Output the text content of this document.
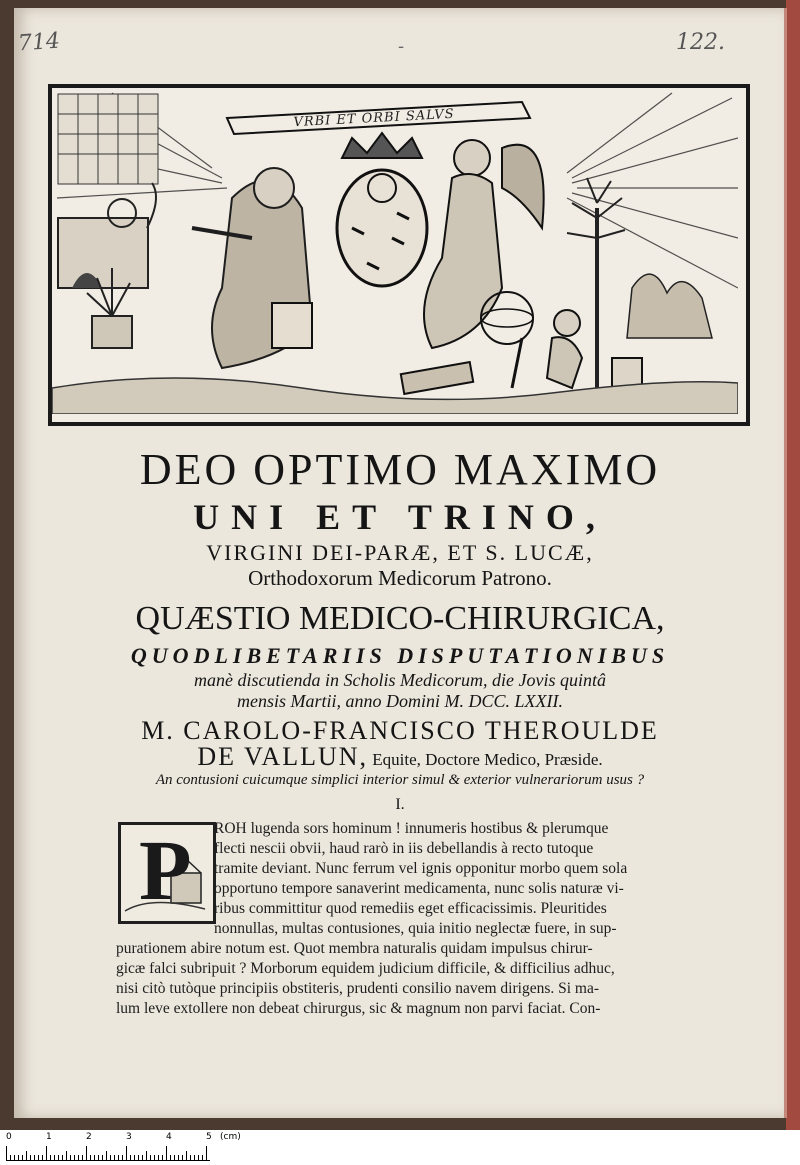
714	122.
-
VRBI ET ORBI SALVS
DEO OPTIMO MAXIMO
UNI ET TRINO,
VIRGINI DEI-PARÆ, ET S. LUCÆ,
Orthodoxorum Medicorum Patrono.
QUÆSTIO MEDICO-CHIRURGICA,
QUODLIBETARIIS DISPUTATIONIBUS
manè discutienda in Scholis Medicorum, die Jovis quintâ
mensis Martii, anno Domini M. DCC. LXXII.
M. CAROLO-FRANCISCO THEROULDE
DE VALLUN, Equite, Doctore Medico, Præside.
An contusioni cuicumque simplici interior simul & exterior vulnerariorum usus ?
I.
P ROH lugenda sors hominum ! innumeris hostibus & plerumque
flecti nescii obvii, haud rarò in iis debellandis à recto tutoque
tramite deviant. Nunc ferrum vel ignis opponitur morbo quem sola
opportuno tempore sanaverint medicamenta, nunc solis naturæ vi-
ribus committitur quod remediis eget efficacissimis. Pleuritides
nonnullas, multas contusiones, quia initio neglectæ fuere, in sup-
purationem abire notum est. Quot membra naturalis quidam impulsus chirur-
gicæ falci subripuit ? Morborum equidem judicium difficile, & difficilius adhuc,
nisi citò tutòque principiis obstiteris, prudenti consilio navem dirigens. Si ma-
lum leve extollere non debeat chirurgus, sic & magnum non parvi faciat. Con-
0	1	2	3	4	5 (cm)
